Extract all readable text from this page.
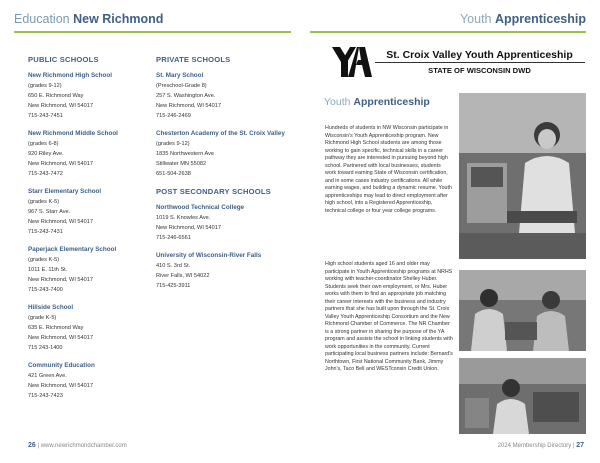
Education New Richmond	Youth Apprenticeship
PUBLIC SCHOOLS
New Richmond High School
(grades 9-12)
650 E. Richmond Way
New Richmond, WI 54017
715-243-7451
New Richmond Middle School
(grades 6-8)
920 Riley Ave.
New Richmond, WI 54017
715-243-7472
Starr Elementary School
(grades K-5)
967 S. Starr Ave.
New Richmond, WI 54017
715-243-7431
Paperjack Elementary School
(grades K-5)
1011 E. 11th St.
New Richmond, WI 54017
715-243-7400
Hillside School
(grade K-5)
635 E. Richmond Way
New Richmond, WI 54017
715 243-1400
Community Education
421 Green Ave.
New Richmond, WI 54017
715-243-7423
PRIVATE SCHOOLS
St. Mary School
(Preschool-Grade 8)
257 S. Washington Ave.
New Richmond, WI 54017
715-246-2469
Chesterton Academy of the St. Croix Valley
(grades 9-12)
1835 Northwestern Ave
Stillwater MN 55082
651-504-2638
POST SECONDARY SCHOOLS
Northwood Technical College
1019 S. Knowles Ave.
New Richmond, WI 54017
715-246-6561
University of Wisconsin-River Falls
410 S. 3rd St.
River Falls, WI 54022
715-425-3911
St. Croix Valley Youth Apprenticeship
STATE OF WISCONSIN DWD
Youth Apprenticeship
Hundreds of students in NW Wisconsin participate in Wisconsin's Youth Apprenticeship program. New Richmond High School students are among those working to gain specific, technical skills in a career pathway they are interested in pursuing beyond high school. Partnered with local businesses, students work toward earning State of Wisconsin certification, and in some cases industry certifications. All while earning wages, and building a dynamic resume. Youth apprenticeships may lead to direct employment after high school, into a Registered Apprenticeship, technical college or four year college programs.
High school students aged 16 and older may participate in Youth Apprenticeship programs at NRHS working with teacher-coordinator Shelley Huber. Students seek their own employment, or Mrs. Huber works with them to find an appropriate job matching their career interests with the business and industry partners that she has built upon through the St. Croix Valley Youth Apprenticeship Consortium and the New Richmond Chamber of Commerce. The NR Chamber is a strong partner in sharing the purpose of the YA program and assists the school in linking students with work opportunities in the community. Current participating local business partners include: Bernard's Northtown, First National Community Bank, Jimmy John's, Taco Bell and WESTconsin Credit Union.
26 | www.newrichmondchamber.com	2024 Membership Directory | 27
